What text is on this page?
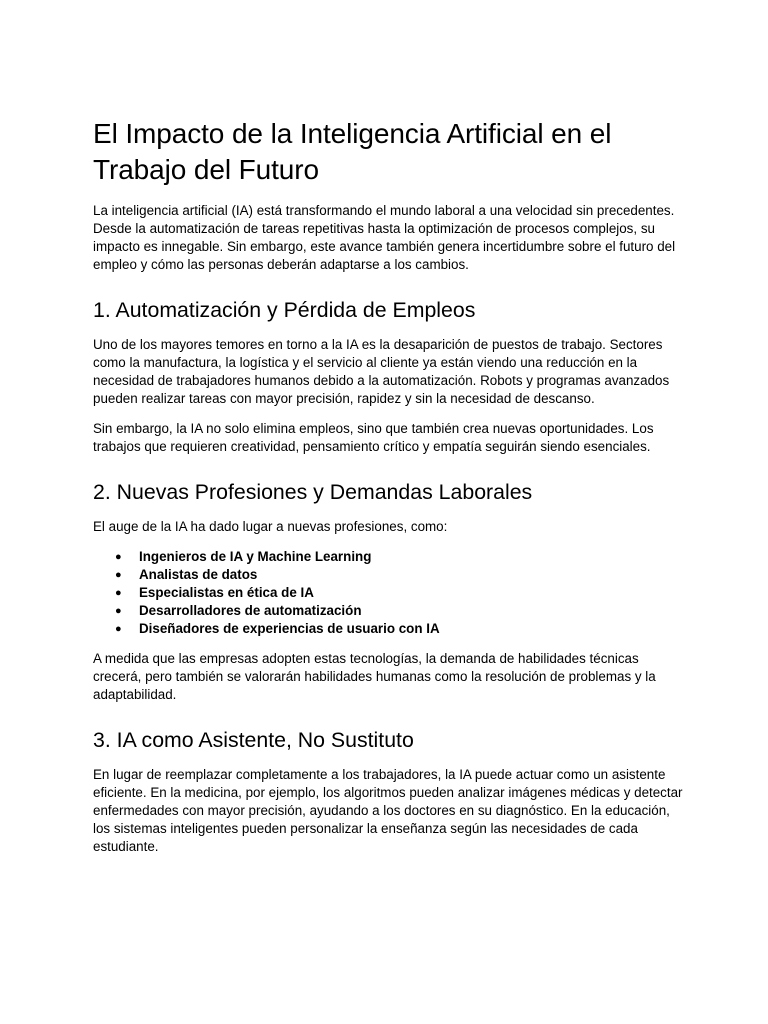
El Impacto de la Inteligencia Artificial en el Trabajo del Futuro

La inteligencia artificial (IA) está transformando el mundo laboral a una velocidad sin precedentes. Desde la automatización de tareas repetitivas hasta la optimización de procesos complejos, su impacto es innegable. Sin embargo, este avance también genera incertidumbre sobre el futuro del empleo y cómo las personas deberán adaptarse a los cambios.

1. Automatización y Pérdida de Empleos

Uno de los mayores temores en torno a la IA es la desaparición de puestos de trabajo. Sectores como la manufactura, la logística y el servicio al cliente ya están viendo una reducción en la necesidad de trabajadores humanos debido a la automatización. Robots y programas avanzados pueden realizar tareas con mayor precisión, rapidez y sin la necesidad de descanso.

Sin embargo, la IA no solo elimina empleos, sino que también crea nuevas oportunidades. Los trabajos que requieren creatividad, pensamiento crítico y empatía seguirán siendo esenciales.

2. Nuevas Profesiones y Demandas Laborales

El auge de la IA ha dado lugar a nuevas profesiones, como:

● Ingenieros de IA y Machine Learning
● Analistas de datos
● Especialistas en ética de IA
● Desarrolladores de automatización
● Diseñadores de experiencias de usuario con IA

A medida que las empresas adopten estas tecnologías, la demanda de habilidades técnicas crecerá, pero también se valorarán habilidades humanas como la resolución de problemas y la adaptabilidad.

3. IA como Asistente, No Sustituto

En lugar de reemplazar completamente a los trabajadores, la IA puede actuar como un asistente eficiente. En la medicina, por ejemplo, los algoritmos pueden analizar imágenes médicas y detectar enfermedades con mayor precisión, ayudando a los doctores en su diagnóstico. En la educación, los sistemas inteligentes pueden personalizar la enseñanza según las necesidades de cada estudiante.
